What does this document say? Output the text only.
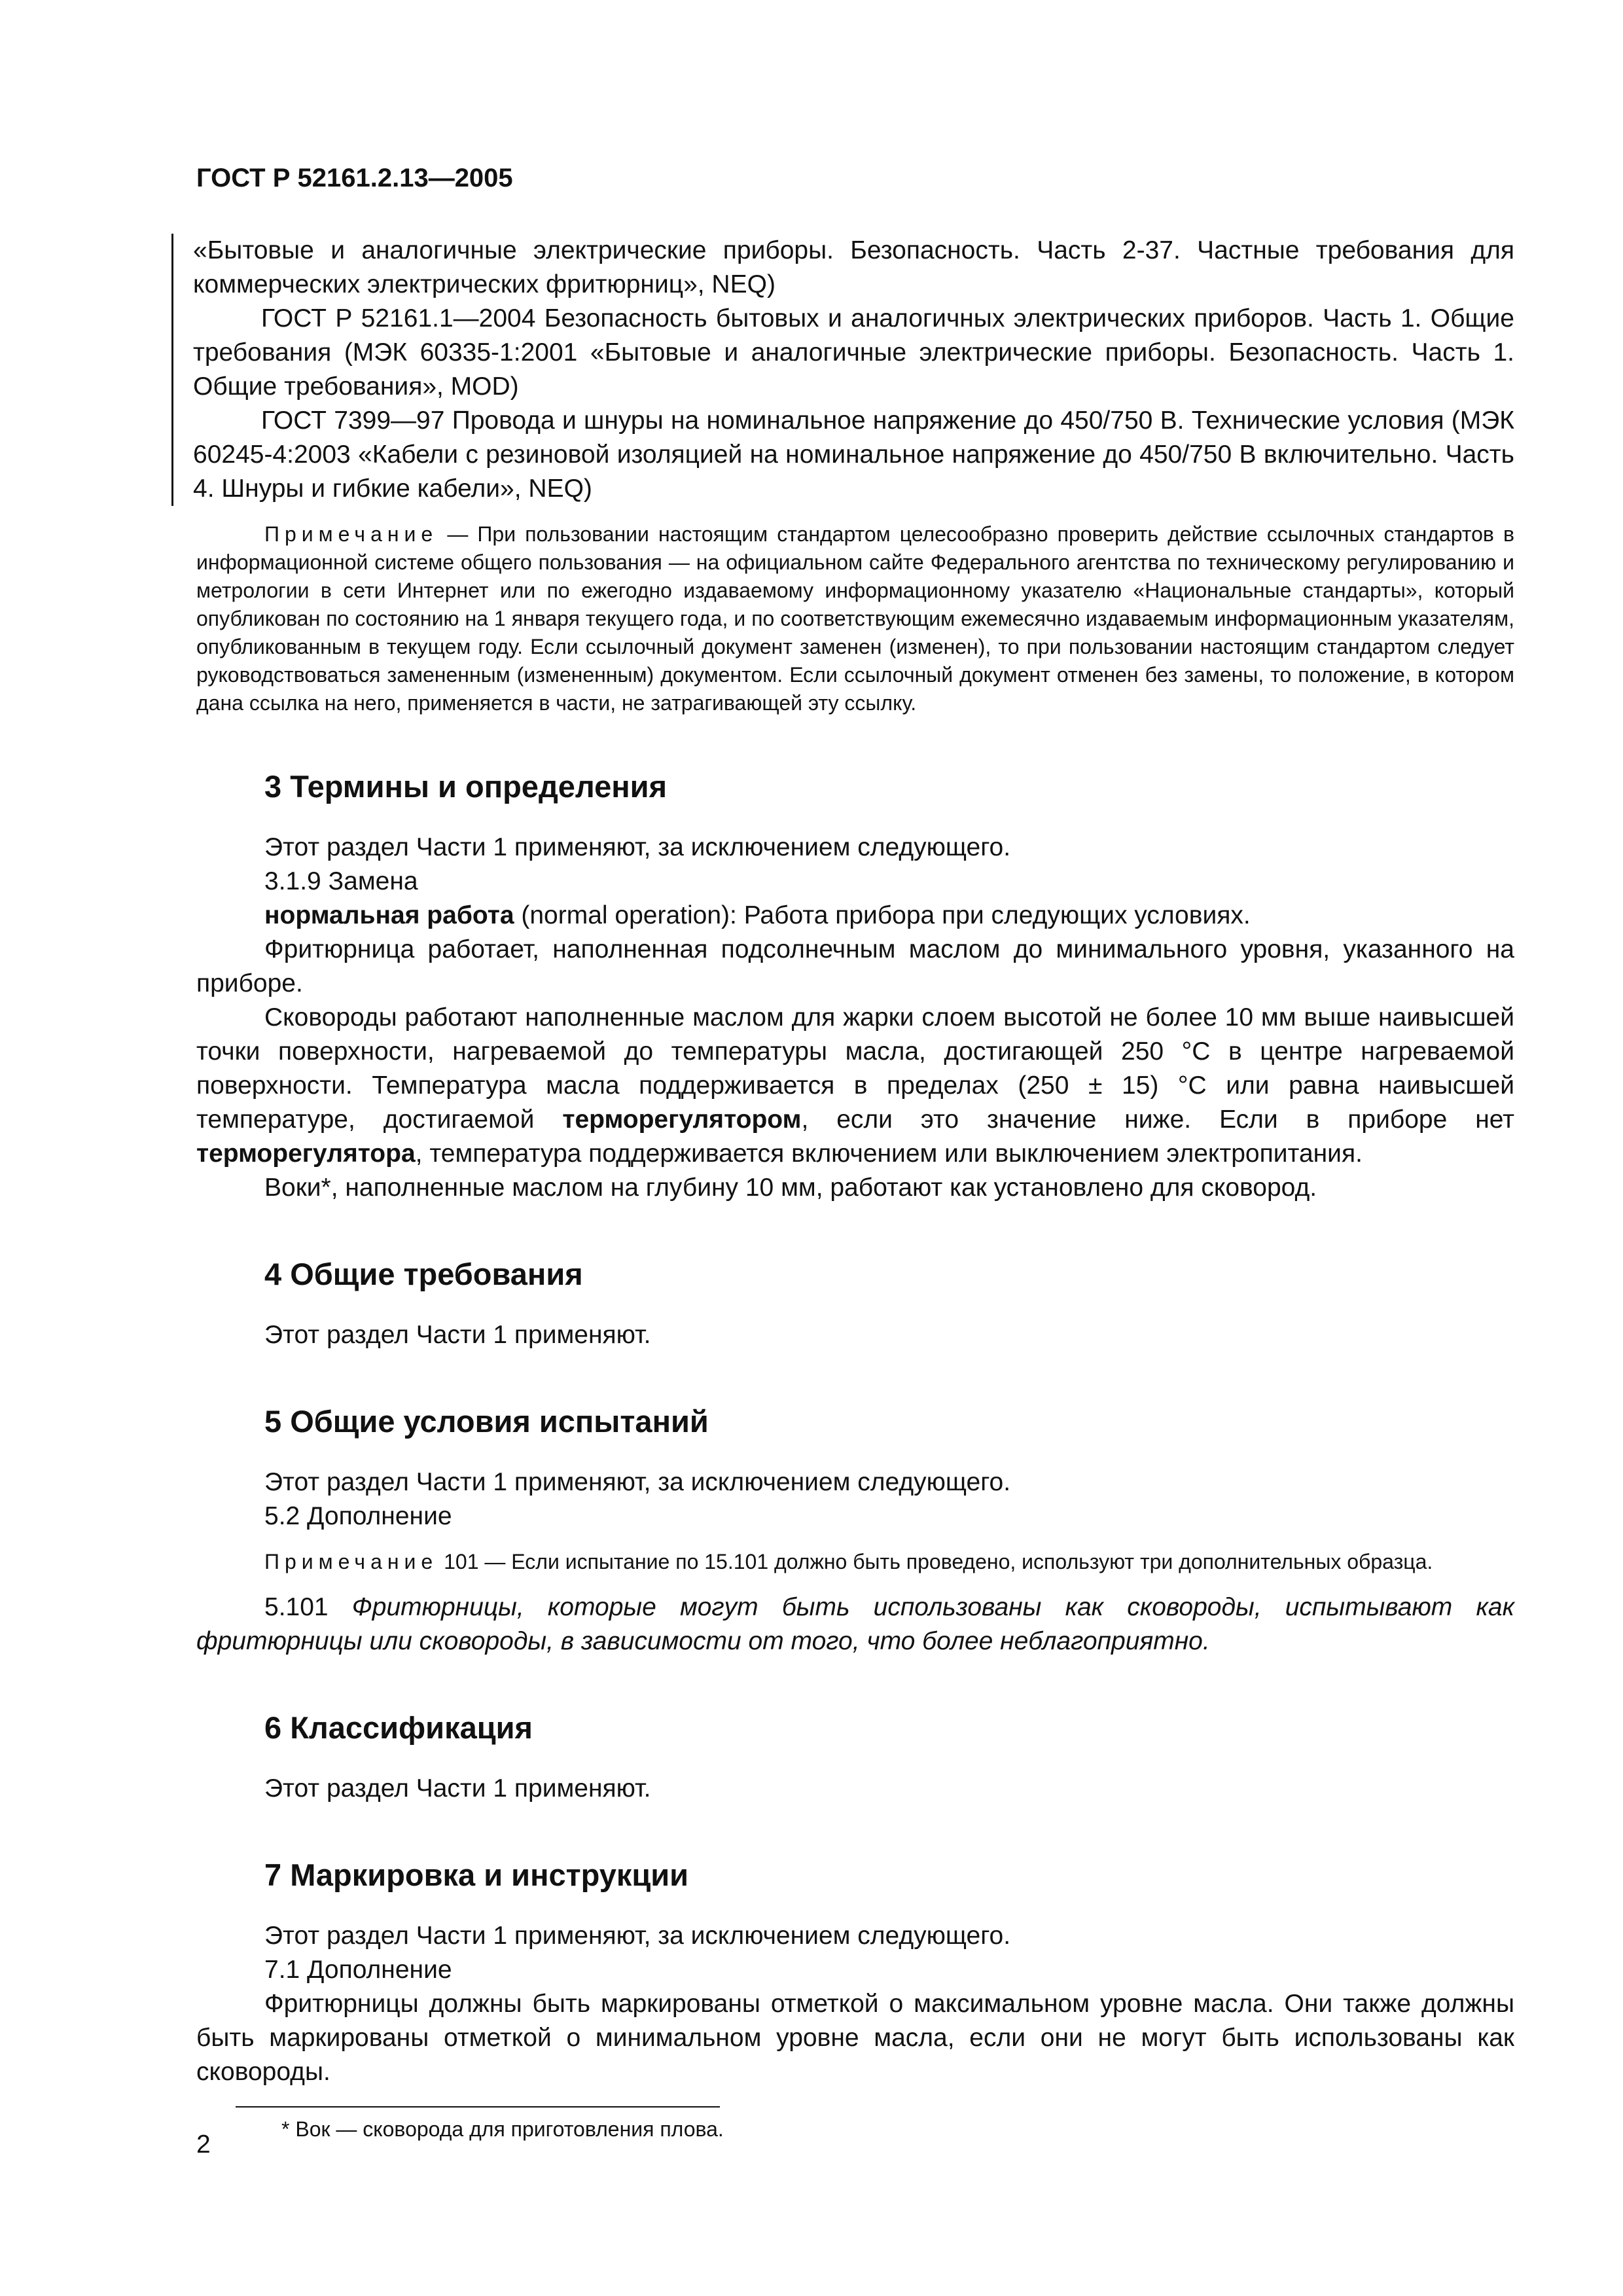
ГОСТ Р 52161.2.13—2005

«Бытовые и аналогичные электрические приборы. Безопасность. Часть 2-37. Частные требования для коммерческих электрических фритюрниц», NEQ)

ГОСТ Р 52161.1—2004 Безопасность бытовых и аналогичных электрических приборов. Часть 1. Общие требования (МЭК 60335-1:2001 «Бытовые и аналогичные электрические приборы. Безопасность. Часть 1. Общие требования», MOD)

ГОСТ 7399—97 Провода и шнуры на номинальное напряжение до 450/750 В. Технические условия (МЭК 60245-4:2003 «Кабели с резиновой изоляцией на номинальное напряжение до 450/750 В включительно. Часть 4. Шнуры и гибкие кабели», NEQ)

Примечание — При пользовании настоящим стандартом целесообразно проверить действие ссылочных стандартов в информационной системе общего пользования — на официальном сайте Федерального агентства по техническому регулированию и метрологии в сети Интернет или по ежегодно издаваемому информационному указателю «Национальные стандарты», который опубликован по состоянию на 1 января текущего года, и по соответствующим ежемесячно издаваемым информационным указателям, опубликованным в текущем году. Если ссылочный документ заменен (изменен), то при пользовании настоящим стандартом следует руководствоваться замененным (измененным) документом. Если ссылочный документ отменен без замены, то положение, в котором дана ссылка на него, применяется в части, не затрагивающей эту ссылку.

3 Термины и определения

Этот раздел Части 1 применяют, за исключением следующего.

3.1.9 Замена

нормальная работа (normal operation): Работа прибора при следующих условиях.

Фритюрница работает, наполненная подсолнечным маслом до минимального уровня, указанного на приборе.

Сковороды работают наполненные маслом для жарки слоем высотой не более 10 мм выше наивысшей точки поверхности, нагреваемой до температуры масла, достигающей 250 °С в центре нагреваемой поверхности. Температура масла поддерживается в пределах (250 ± 15) °С или равна наивысшей температуре, достигаемой терморегулятором, если это значение ниже. Если в приборе нет терморегулятора, температура поддерживается включением или выключением электропитания.

Воки*, наполненные маслом на глубину 10 мм, работают как установлено для сковород.

4 Общие требования

Этот раздел Части 1 применяют.

5 Общие условия испытаний

Этот раздел Части 1 применяют, за исключением следующего.

5.2 Дополнение

Примечание 101 — Если испытание по 15.101 должно быть проведено, используют три дополнительных образца.

5.101 Фритюрницы, которые могут быть использованы как сковороды, испытывают как фритюрницы или сковороды, в зависимости от того, что более неблагоприятно.

6 Классификация

Этот раздел Части 1 применяют.

7 Маркировка и инструкции

Этот раздел Части 1 применяют, за исключением следующего.

7.1 Дополнение

Фритюрницы должны быть маркированы отметкой о максимальном уровне масла. Они также должны быть маркированы отметкой о минимальном уровне масла, если они не могут быть использованы как сковороды.

* Вок — сковорода для приготовления плова.

2
